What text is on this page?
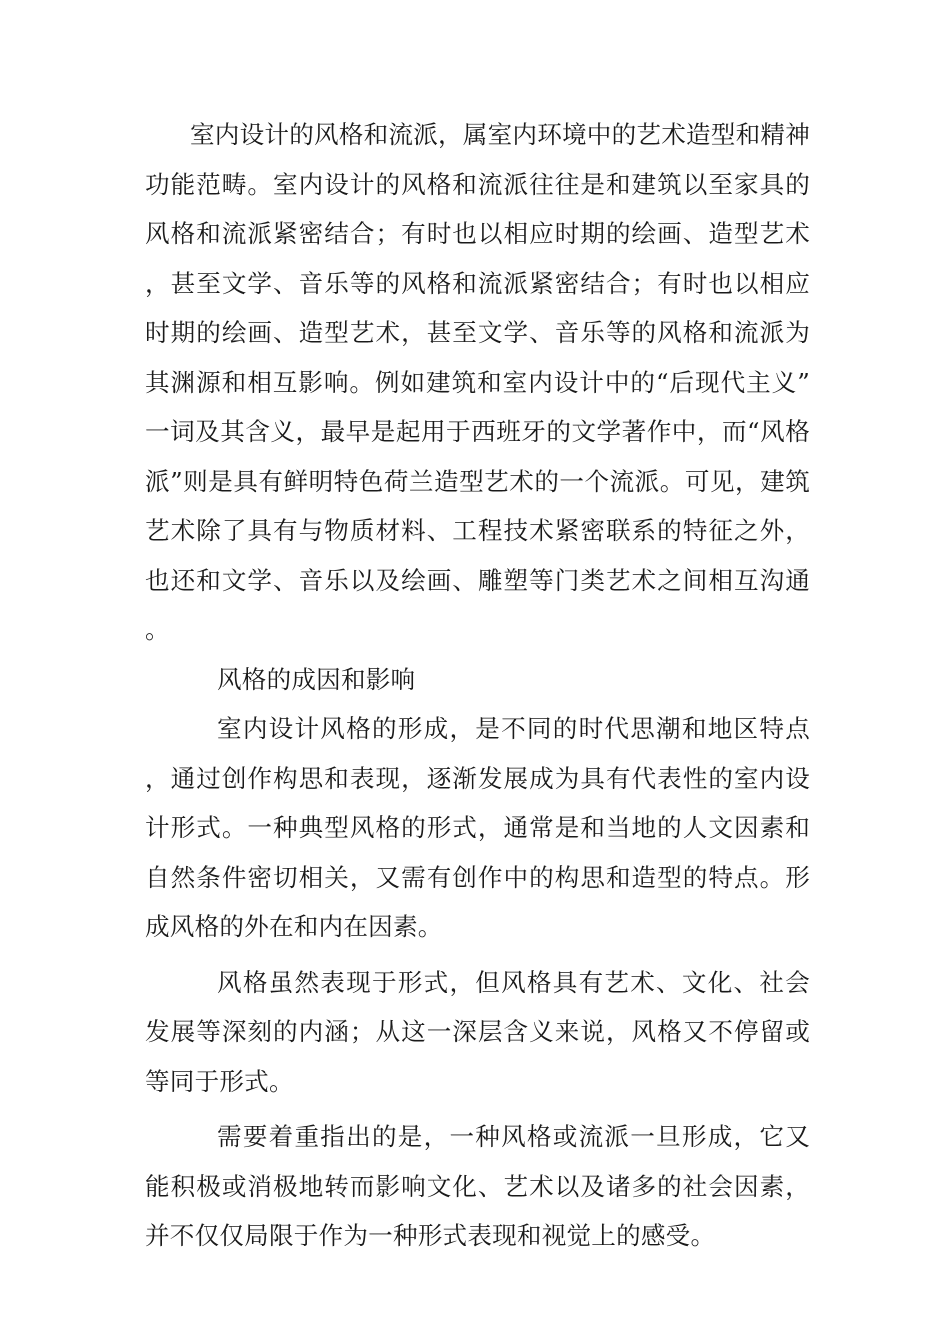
室内设计的风格和流派，属室内环境中的艺术造型和精神功能范畴。室内设计的风格和流派往往是和建筑以至家具的风格和流派紧密结合；有时也以相应时期的绘画、造型艺术，甚至文学、音乐等的风格和流派紧密结合；有时也以相应时期的绘画、造型艺术，甚至文学、音乐等的风格和流派为其渊源和相互影响。例如建筑和室内设计中的“后现代主义”一词及其含义，最早是起用于西班牙的文学著作中，而“风格派”则是具有鲜明特色荷兰造型艺术的一个流派。可见，建筑艺术除了具有与物质材料、工程技术紧密联系的特征之外，也还和文学、音乐以及绘画、雕塑等门类艺术之间相互沟通。

风格的成因和影响

室内设计风格的形成，是不同的时代思潮和地区特点，通过创作构思和表现，逐渐发展成为具有代表性的室内设计形式。一种典型风格的形式，通常是和当地的人文因素和自然条件密切相关，又需有创作中的构思和造型的特点。形成风格的外在和内在因素。

风格虽然表现于形式，但风格具有艺术、文化、社会发展等深刻的内涵；从这一深层含义来说，风格又不停留或等同于形式。

需要着重指出的是，一种风格或流派一旦形成，它又能积极或消极地转而影响文化、艺术以及诸多的社会因素，并不仅仅局限于作为一种形式表现和视觉上的感受。
